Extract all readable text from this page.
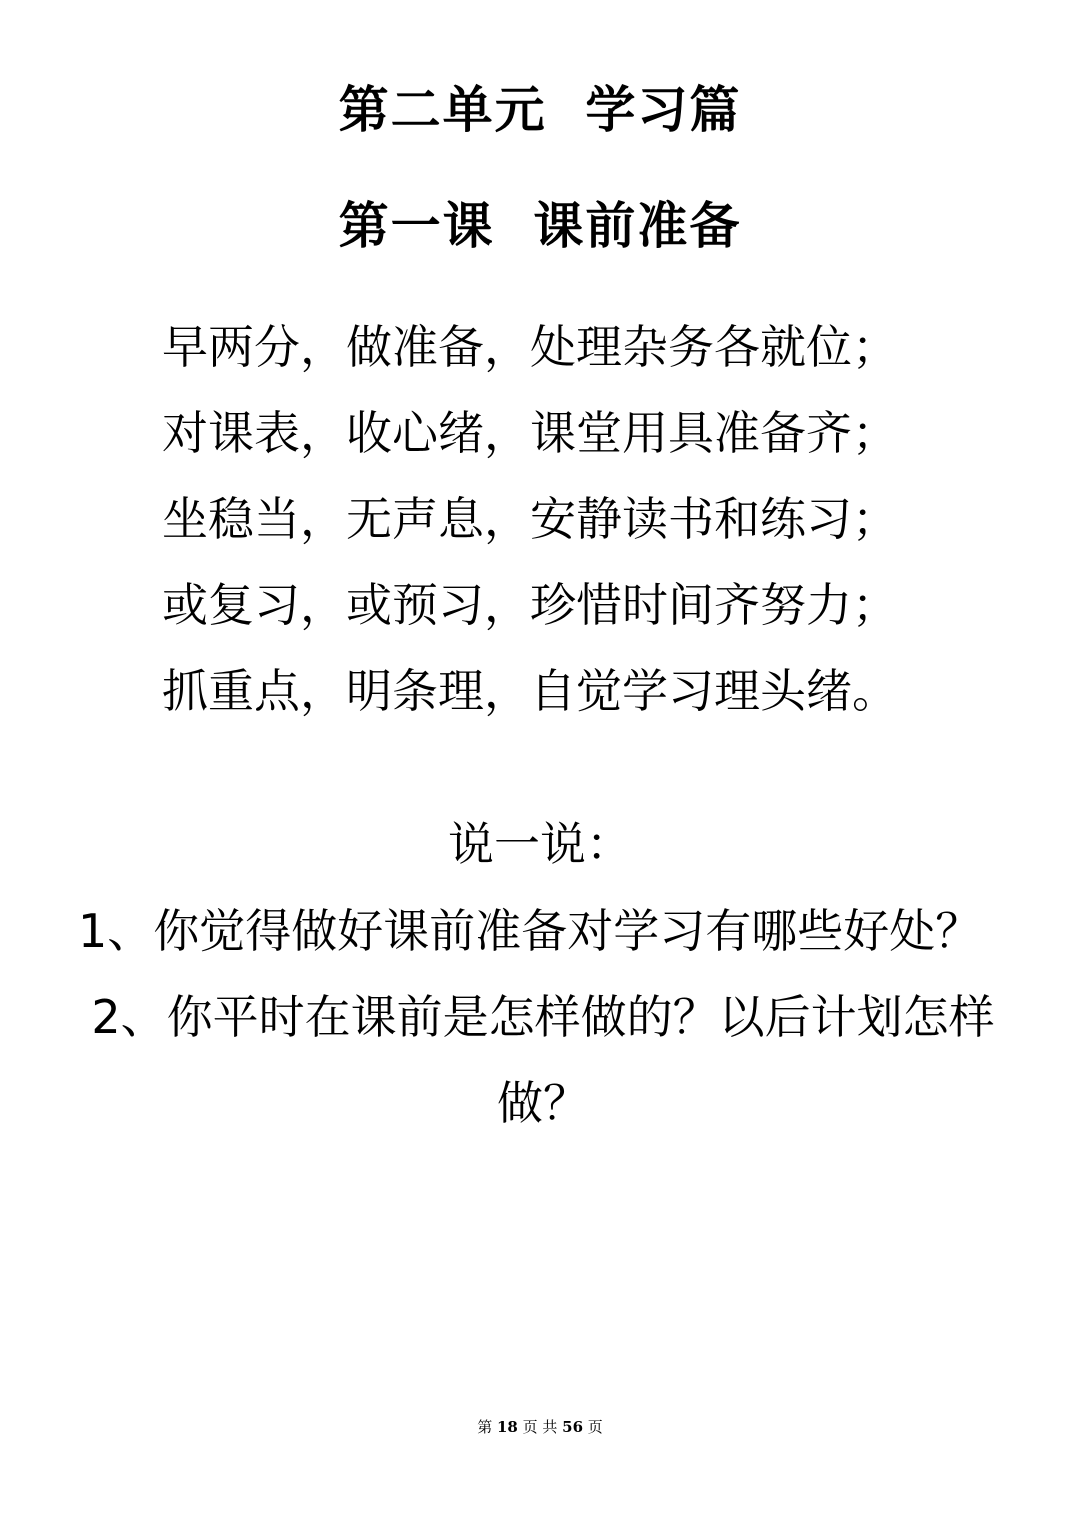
第二单元  学习篇
第一课  课前准备
早两分，做准备，处理杂务各就位；
对课表，收心绪，课堂用具准备齐；
坐稳当，无声息，安静读书和练习；
或复习，或预习，珍惜时间齐努力；
抓重点，明条理，自觉学习理头绪。
说一说：
1、你觉得做好课前准备对学习有哪些好处？
2、你平时在课前是怎样做的？以后计划怎样
做？
第 18 页 共 56 页
